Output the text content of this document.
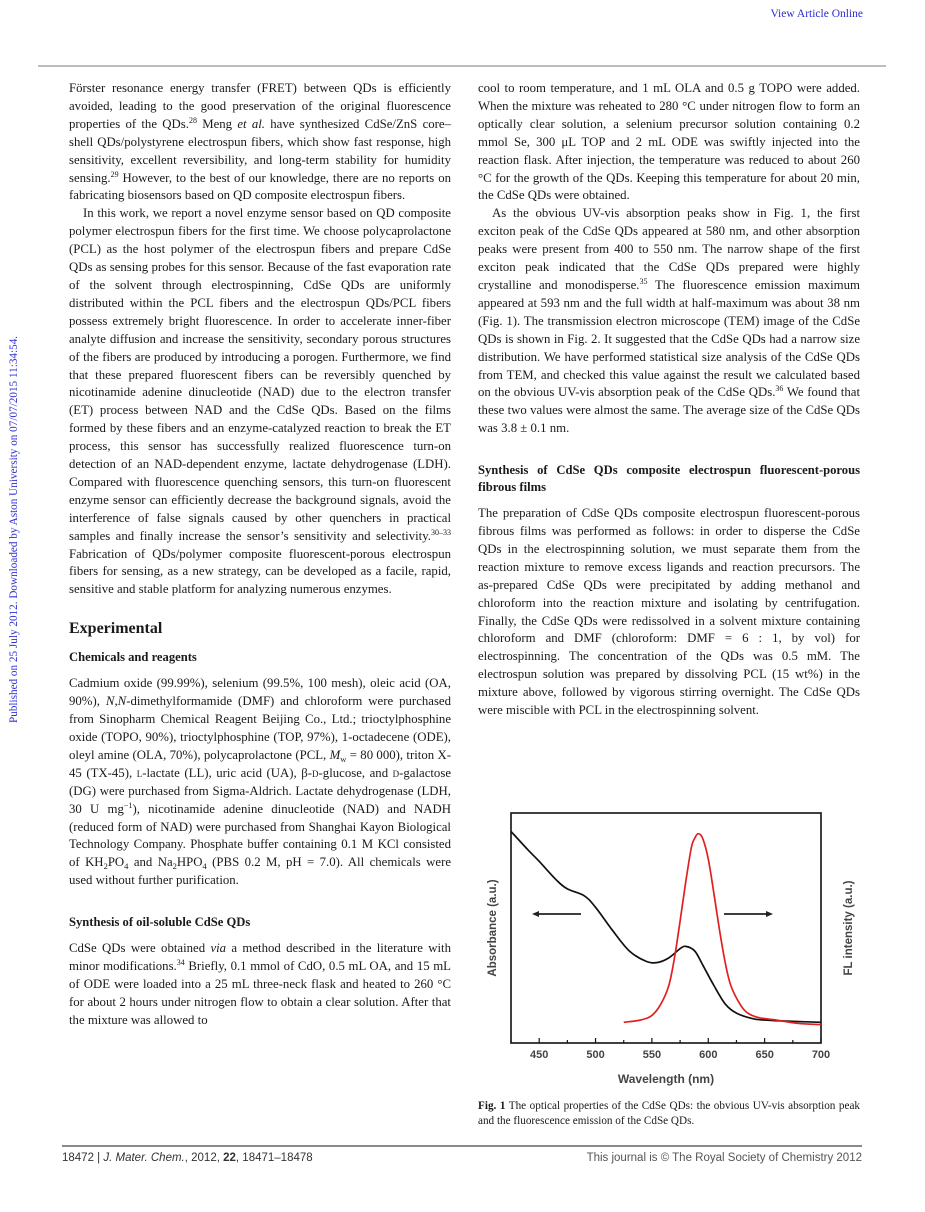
View Article Online
Published on 25 July 2012. Downloaded by Aston University on 07/07/2015 11:34:54.

Förster resonance energy transfer (FRET) between QDs is efficiently avoided, leading to the good preservation of the original fluorescence properties of the QDs.$^{28}$ Meng et al. have synthesized CdSe/ZnS core–shell QDs/polystyrene electrospun fibers, which show fast response, high sensitivity, excellent reversibility, and long-term stability for humidity sensing.$^{29}$ However, to the best of our knowledge, there are no reports on fabricating biosensors based on QD composite electrospun fibers.

In this work, we report a novel enzyme sensor based on QD composite polymer electrospun fibers for the first time. We choose polycaprolactone (PCL) as the host polymer of the electrospun fibers and prepare CdSe QDs as sensing probes for this sensor. Because of the fast evaporation rate of the solvent through electrospinning, CdSe QDs are uniformly distributed within the PCL fibers and the electrospun QDs/PCL fibers possess extremely bright fluorescence. In order to accelerate inner-fiber analyte diffusion and increase the sensitivity, secondary porous structures of the fibers are produced by introducing a porogen. Furthermore, we find that these prepared fluorescent fibers can be reversibly quenched by nicotinamide adenine dinucleotide (NAD) due to the electron transfer (ET) process between NAD and the CdSe QDs. Based on the films formed by these fibers and an enzyme-catalyzed reaction to break the ET process, this sensor has successfully realized fluorescence turn-on detection of an NAD-dependent enzyme, lactate dehydrogenase (LDH). Compared with fluorescence quenching sensors, this turn-on fluorescent enzyme sensor can efficiently decrease the background signals, avoid the interference of false signals caused by other quenchers in practical samples and finally increase the sensor’s sensitivity and selectivity.$^{30-33}$ Fabrication of QDs/polymer composite fluorescent-porous electrospun fibers for sensing, as a new strategy, can be developed as a facile, rapid, sensitive and stable platform for analyzing numerous enzymes.

Experimental
Chemicals and reagents

Cadmium oxide (99.99%), selenium (99.5%, 100 mesh), oleic acid (OA, 90%), N,N-dimethylformamide (DMF) and chloroform were purchased from Sinopharm Chemical Reagent Beijing Co., Ltd.; trioctylphosphine oxide (TOPO, 90%), trioctylphosphine (TOP, 97%), 1-octadecene (ODE), oleyl amine (OLA, 70%), polycaprolactone (PCL, $M_w = 80$ 000), triton X-45 (TX-45), l-lactate (LL), uric acid (UA), β-d-glucose, and d-galactose (DG) were purchased from Sigma-Aldrich. Lactate dehydrogenase (LDH, 30 U $mg^{-1}$), nicotinamide adenine dinucleotide (NAD) and NADH (reduced form of NAD) were purchased from Shanghai Kayon Biological Technology Company. Phosphate buffer containing 0.1 M KCl consisted of $KH_2PO_4$ and $Na_2HPO_4$ (PBS 0.2 M, pH = 7.0). All chemicals were used without further purification.

Synthesis of oil-soluble CdSe QDs

CdSe QDs were obtained via a method described in the literature with minor modifications.$^{34}$ Briefly, 0.1 mmol of CdO, 0.5 mL OA, and 15 mL of ODE were loaded into a 25 mL three-neck flask and heated to 260 °C for about 2 hours under nitrogen flow to obtain a clear solution. After that the mixture was allowed to

cool to room temperature, and 1 mL OLA and 0.5 g TOPO were added. When the mixture was reheated to 280 °C under nitrogen flow to form an optically clear solution, a selenium precursor solution containing 0.2 mmol Se, 300 μL TOP and 2 mL ODE was swiftly injected into the reaction flask. After injection, the temperature was reduced to about 260 °C for the growth of the QDs. Keeping this temperature for about 20 min, the CdSe QDs were obtained.

As the obvious UV-vis absorption peaks show in Fig. 1, the first exciton peak of the CdSe QDs appeared at 580 nm, and other absorption peaks were present from 400 to 550 nm. The narrow shape of the first exciton peak indicated that the CdSe QDs prepared were highly crystalline and monodisperse.$^{35}$ The fluorescence emission maximum appeared at 593 nm and the full width at half-maximum was about 38 nm (Fig. 1). The transmission electron microscope (TEM) image of the CdSe QDs is shown in Fig. 2. It suggested that the CdSe QDs had a narrow size distribution. We have performed statistical size analysis of the CdSe QDs from TEM, and checked this value against the result we calculated based on the obvious UV-vis absorption peak of the CdSe QDs.$^{36}$ We found that these two values were almost the same. The average size of the CdSe QDs was 3.8 ± 0.1 nm.

Synthesis of CdSe QDs composite electrospun fluorescent-porous fibrous films

The preparation of CdSe QDs composite electrospun fluorescent-porous fibrous films was performed as follows: in order to disperse the CdSe QDs in the electrospinning solution, we must separate them from the reaction mixture to remove excess ligands and reaction precursors. The as-prepared CdSe QDs were precipitated by adding methanol and chloroform into the reaction mixture and isolating by centrifugation. Finally, the CdSe QDs were redissolved in a solvent mixture containing chloroform and DMF (chloroform: DMF = 6 : 1, by vol) for electrospinning. The concentration of the QDs was 0.5 mM. The electrospun solution was prepared by dissolving PCL (15 wt%) in the mixture above, followed by vigorous stirring overnight. The CdSe QDs were miscible with PCL in the electrospinning solvent.

450	500	550	600	650	700
Wavelength (nm)
Absorbance (a.u.)	FL intensity (a.u.)
Fig. 1 The optical properties of the CdSe QDs: the obvious UV-vis absorption peak and the fluorescence emission of the CdSe QDs.
18472 | J. Mater. Chem., 2012, 22, 18471–18478	This journal is © The Royal Society of Chemistry 2012
